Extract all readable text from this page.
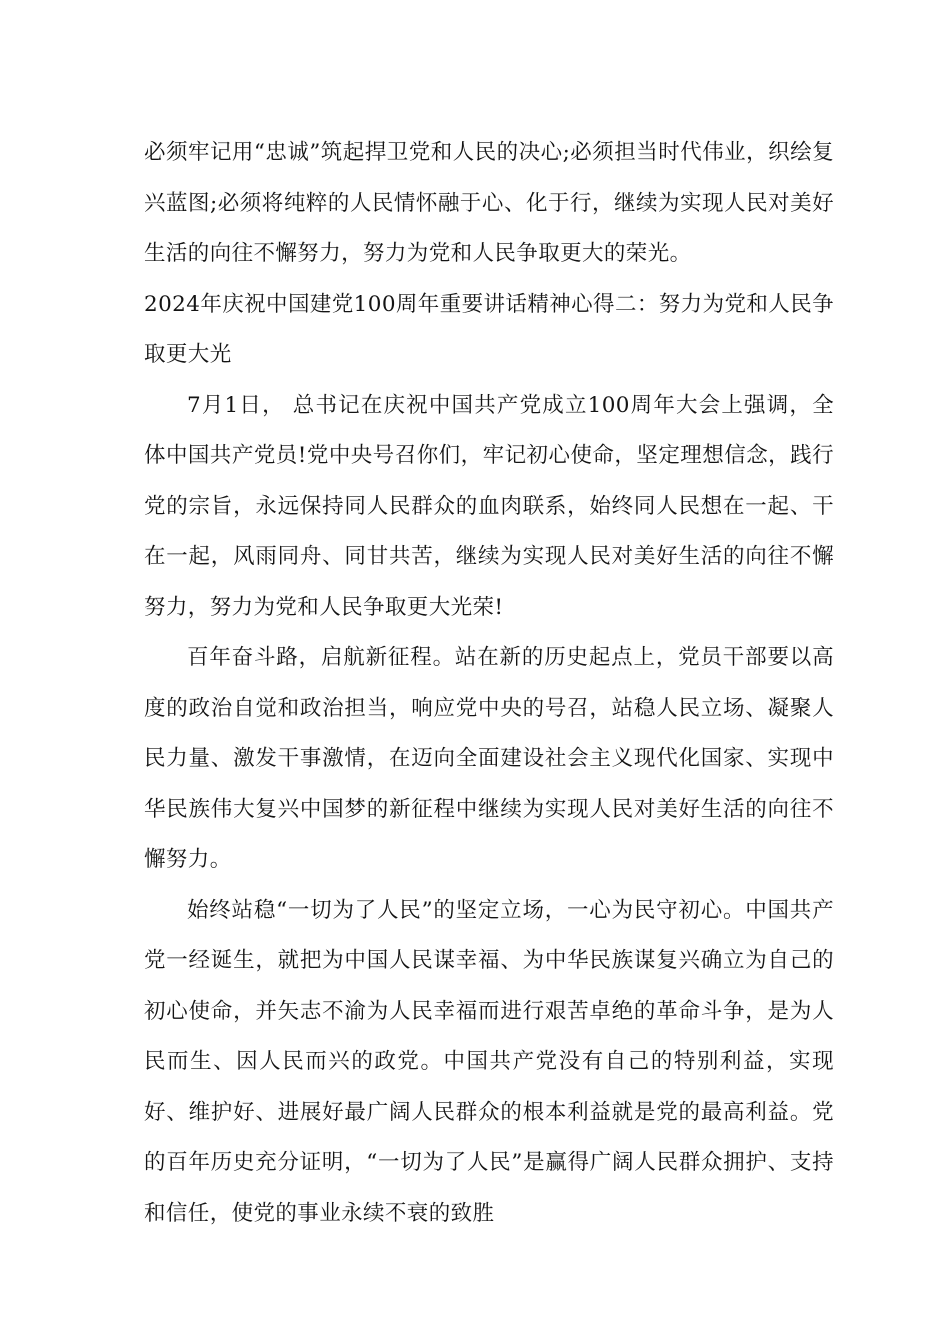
必须牢记用“忠诚”筑起捍卫党和人民的决心;必须担当时代伟业，织绘复兴蓝图;必须将纯粹的人民情怀融于心、化于行，继续为实现人民对美好生活的向往不懈努力，努力为党和人民争取更大的荣光。

2024年庆祝中国建党100周年重要讲话精神心得二：努力为党和人民争取更大光

7月1日， 总书记在庆祝中国共产党成立100周年大会上强调，全体中国共产党员!党中央号召你们，牢记初心使命，坚定理想信念，践行党的宗旨，永远保持同人民群众的血肉联系，始终同人民想在一起、干在一起，风雨同舟、同甘共苦，继续为实现人民对美好生活的向往不懈努力，努力为党和人民争取更大光荣!

百年奋斗路，启航新征程。站在新的历史起点上，党员干部要以高度的政治自觉和政治担当，响应党中央的号召，站稳人民立场、凝聚人民力量、激发干事激情，在迈向全面建设社会主义现代化国家、实现中华民族伟大复兴中国梦的新征程中继续为实现人民对美好生活的向往不懈努力。

始终站稳“一切为了人民”的坚定立场，一心为民守初心。中国共产党一经诞生，就把为中国人民谋幸福、为中华民族谋复兴确立为自己的初心使命，并矢志不渝为人民幸福而进行艰苦卓绝的革命斗争，是为人民而生、因人民而兴的政党。中国共产党没有自己的特别利益，实现好、维护好、进展好最广阔人民群众的根本利益就是党的最高利益。党的百年历史充分证明，“一切为了人民”是赢得广阔人民群众拥护、支持和信任，使党的事业永续不衰的致胜
